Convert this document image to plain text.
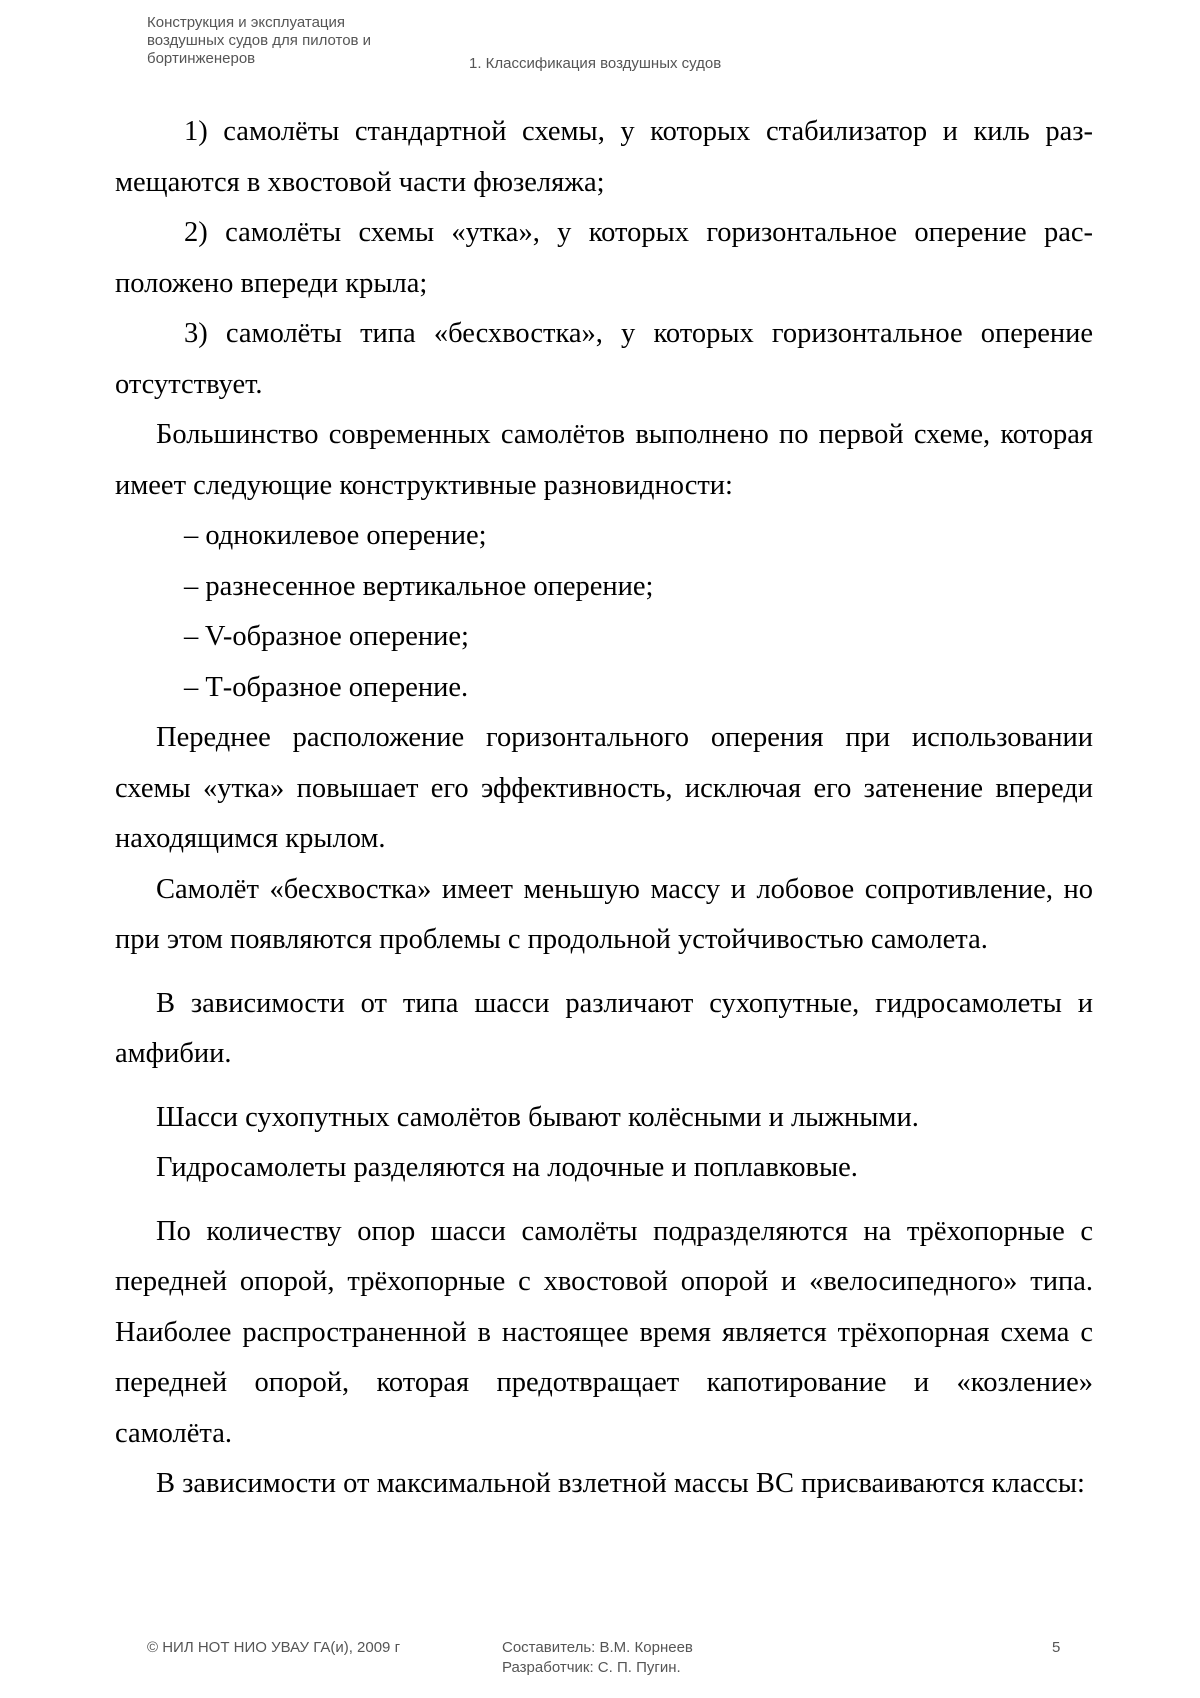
Конструкция и эксплуатация
воздушных судов для пилотов и
бортинженеров	1. Классификация воздушных судов

1) самолёты стандартной схемы, у которых стабилизатор и киль размещаются в хвостовой части фюзеляжа;

2) самолёты схемы «утка», у которых горизонтальное оперение расположено впереди крыла;

3) самолёты типа «бесхвостка», у которых горизонтальное оперение отсутствует.

Большинство современных самолётов выполнено по первой схеме, которая имеет следующие конструктивные разновидности:

– однокилевое оперение;

– разнесенное вертикальное оперение;

– V-образное оперение;

– Т-образное оперение.

Переднее расположение горизонтального оперения при использовании схемы «утка» повышает его эффективность, исключая его затенение впереди находящимся крылом.

Самолёт «бесхвостка» имеет меньшую массу и лобовое сопротивление, но при этом появляются проблемы с продольной устойчивостью самолета.

В зависимости от типа шасси различают сухопутные, гидросамолеты и амфибии.

Шасси сухопутных самолётов бывают колёсными и лыжными.

Гидросамолеты разделяются на лодочные и поплавковые.

По количеству опор шасси самолёты подразделяются на трёхопорные с передней опорой, трёхопорные с хвостовой опорой и «велосипедного» типа. Наиболее распространенной в настоящее время является трёхопорная схема с передней опорой, которая предотвращает капотирование и «козление» самолёта.

В зависимости от максимальной взлетной массы ВС присваиваются классы:

© НИЛ НОТ НИО УВАУ ГА(и), 2009 г	Составитель: В.М. Корнеев
Разработчик: С. П. Пугин.
5
